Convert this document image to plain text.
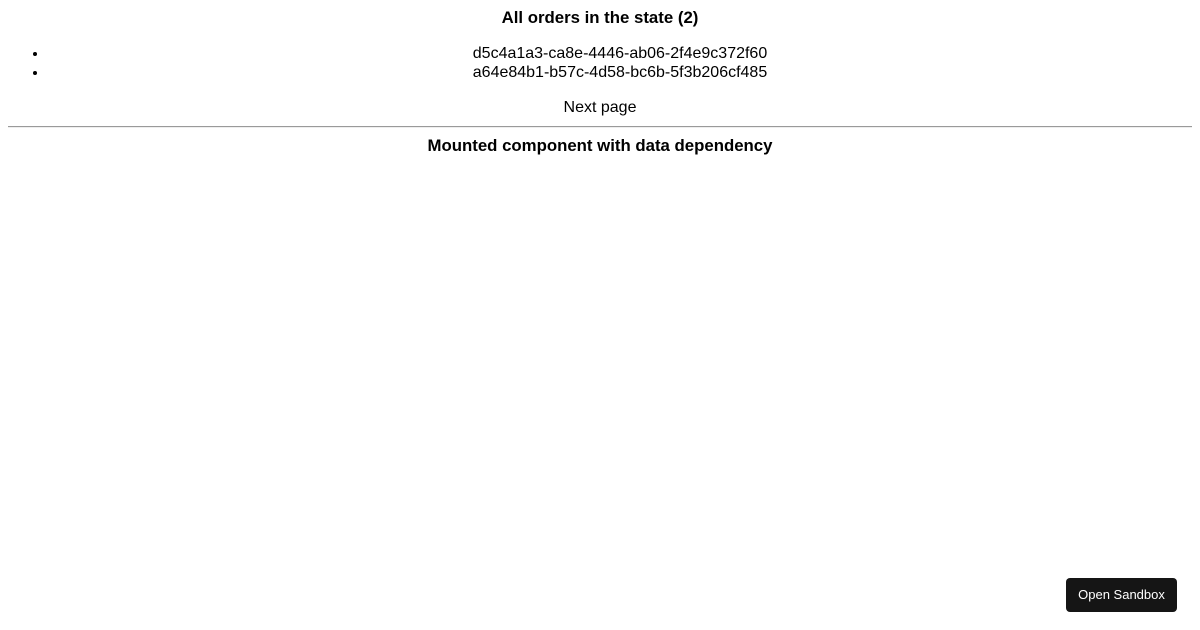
All orders in the state (2)
• d5c4a1a3-ca8e-4446-ab06-2f4e9c372f60
• a64e84b1-b57c-4d58-bc6b-5f3b206cf485
Next page
Mounted component with data dependency
Open Sandbox
